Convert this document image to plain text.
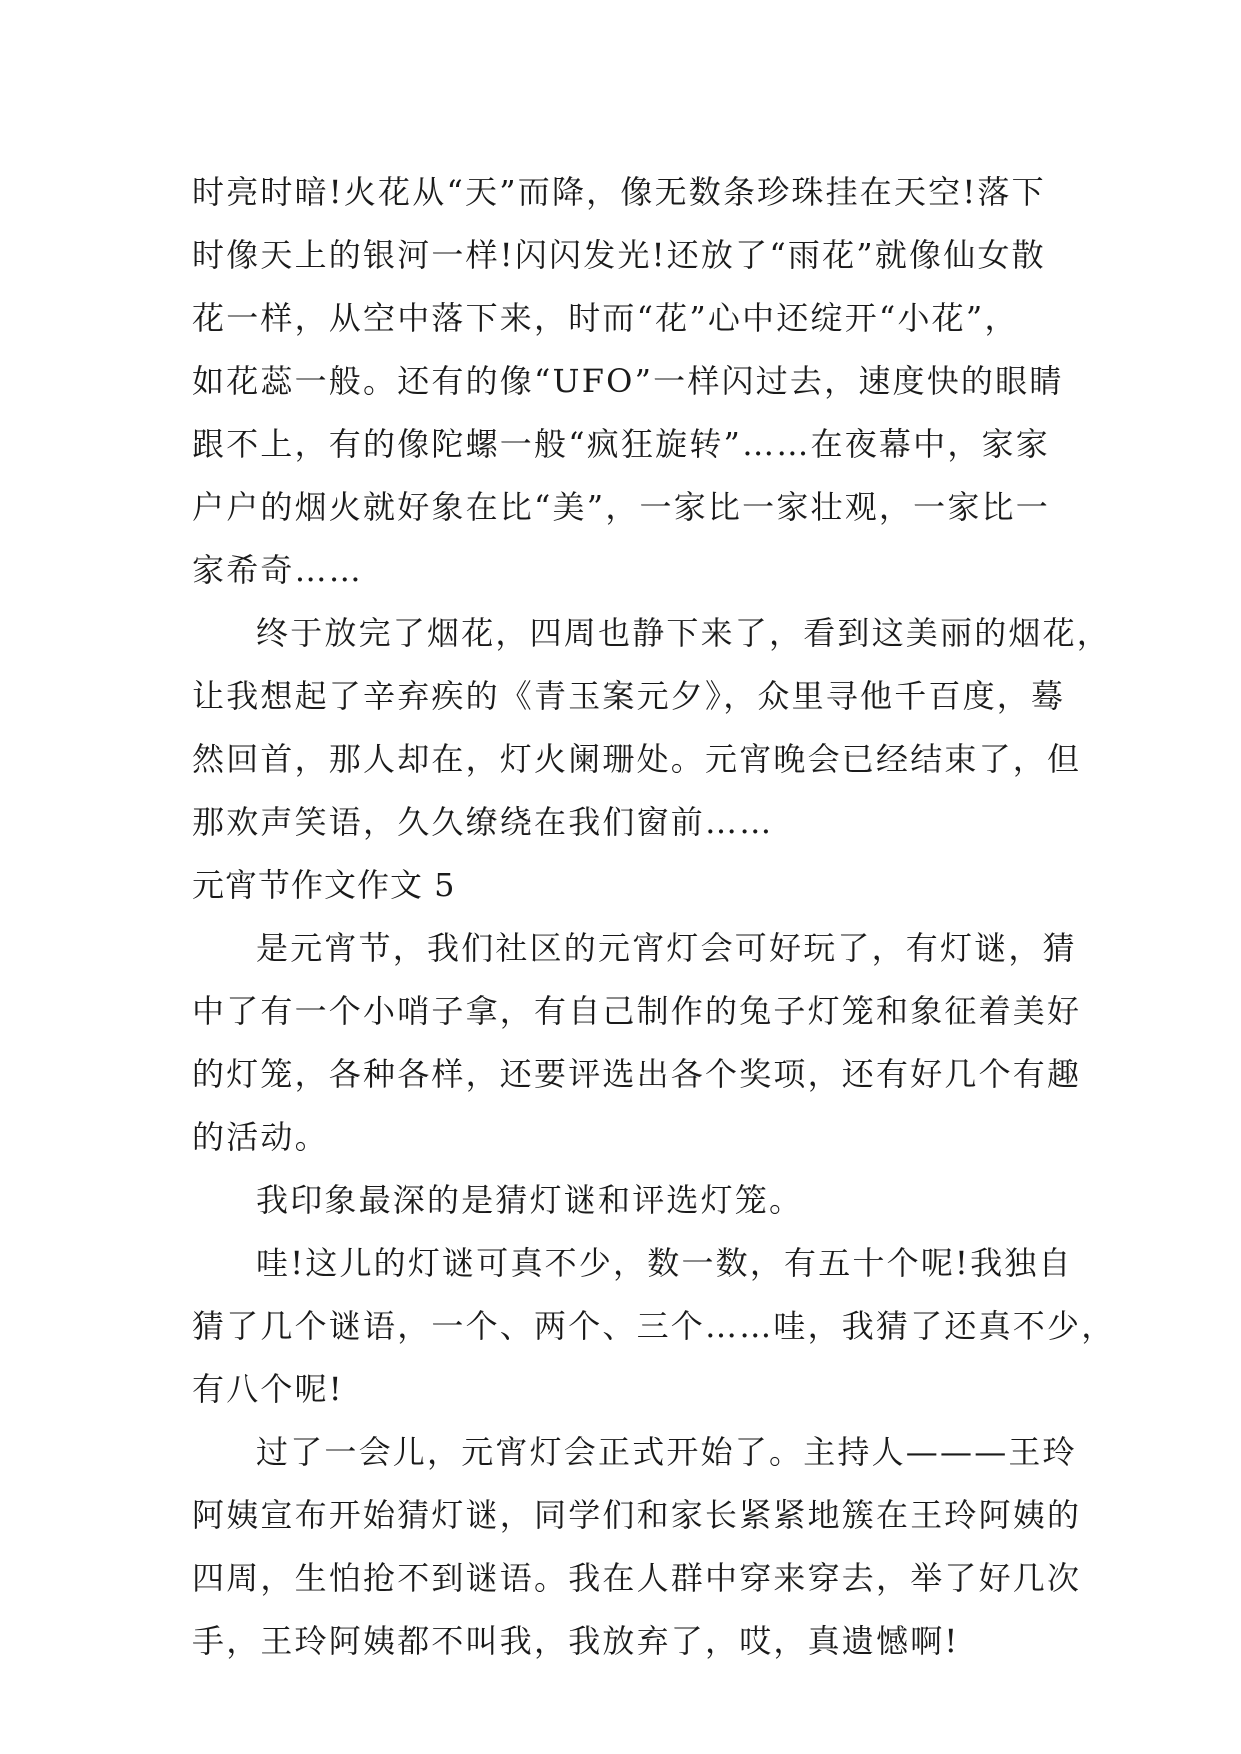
时亮时暗!火花从“天”而降，像无数条珍珠挂在天空!落下
时像天上的银河一样!闪闪发光!还放了“雨花”就像仙女散
花一样，从空中落下来，时而“花”心中还绽开“小花”，
如花蕊一般。还有的像“UFO”一样闪过去，速度快的眼睛
跟不上，有的像陀螺一般“疯狂旋转”……在夜幕中，家家
户户的烟火就好象在比“美”，一家比一家壮观，一家比一
家希奇……
终于放完了烟花，四周也静下来了，看到这美丽的烟花，
让我想起了辛弃疾的《青玉案元夕》，众里寻他千百度，蓦
然回首，那人却在，灯火阑珊处。元宵晚会已经结束了，但
那欢声笑语，久久缭绕在我们窗前……
元宵节作文作文 5
是元宵节，我们社区的元宵灯会可好玩了，有灯谜，猜
中了有一个小哨子拿，有自己制作的兔子灯笼和象征着美好
的灯笼，各种各样，还要评选出各个奖项，还有好几个有趣
的活动。
我印象最深的是猜灯谜和评选灯笼。
哇!这儿的灯谜可真不少，数一数，有五十个呢!我独自
猜了几个谜语，一个、两个、三个……哇，我猜了还真不少，
有八个呢!
过了一会儿，元宵灯会正式开始了。主持人———王玲
阿姨宣布开始猜灯谜，同学们和家长紧紧地簇在王玲阿姨的
四周，生怕抢不到谜语。我在人群中穿来穿去，举了好几次
手，王玲阿姨都不叫我，我放弃了，哎，真遗憾啊!
